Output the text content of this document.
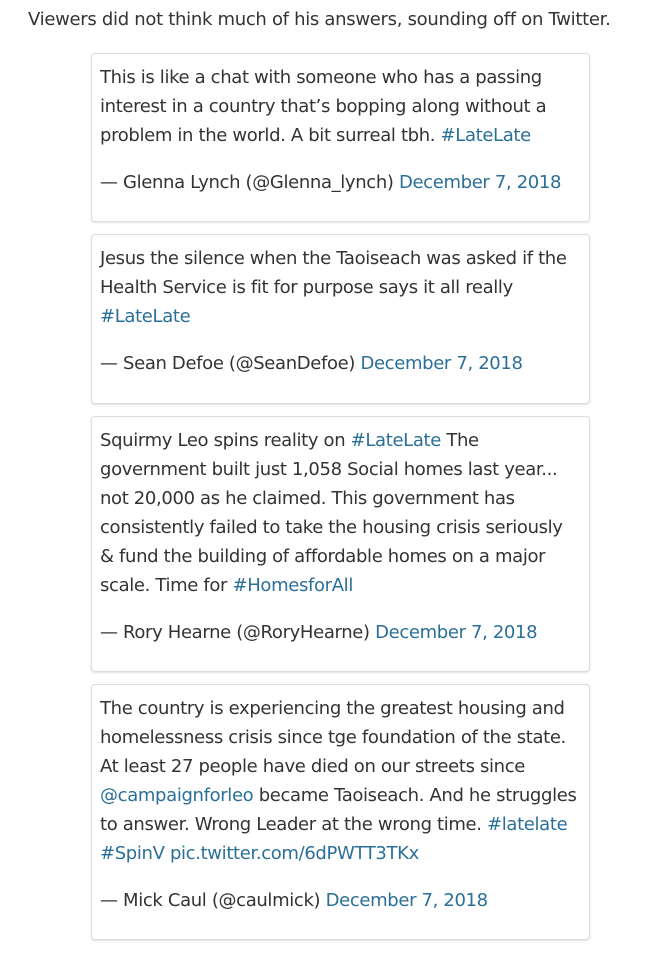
Viewers did not think much of his answers, sounding off on Twitter.

This is like a chat with someone who has a passing interest in a country that’s bopping along without a problem in the world. A bit surreal tbh. #LateLate

— Glenna Lynch (@Glenna_lynch) December 7, 2018

Jesus the silence when the Taoiseach was asked if the Health Service is fit for purpose says it all really #LateLate

— Sean Defoe (@SeanDefoe) December 7, 2018

Squirmy Leo spins reality on #LateLate The government built just 1,058 Social homes last year... not 20,000 as he claimed. This government has consistently failed to take the housing crisis seriously & fund the building of affordable homes on a major scale. Time for #HomesforAll

— Rory Hearne (@RoryHearne) December 7, 2018

The country is experiencing the greatest housing and homelessness crisis since tge foundation of the state. At least 27 people have died on our streets since @campaignforleo became Taoiseach. And he struggles to answer. Wrong Leader at the wrong time. #latelate #SpinV pic.twitter.com/6dPWTT3TKx

— Mick Caul (@caulmick) December 7, 2018
